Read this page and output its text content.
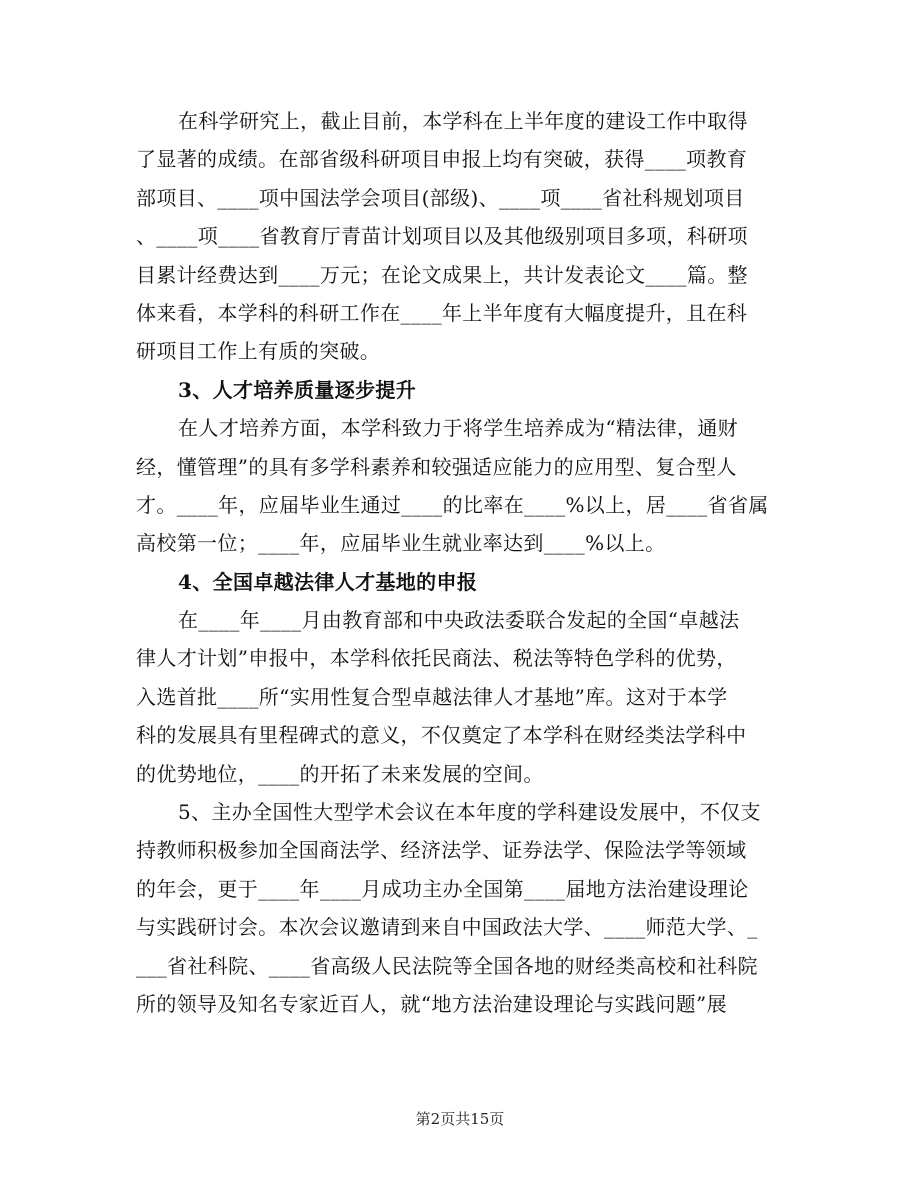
在科学研究上，截止目前，本学科在上半年度的建设工作中取得
了显著的成绩。在部省级科研项目申报上均有突破，获得____项教育
部项目、____项中国法学会项目(部级)、____项____省社科规划项目
、____项____省教育厅青苗计划项目以及其他级别项目多项，科研项
目累计经费达到____万元；在论文成果上，共计发表论文____篇。整
体来看，本学科的科研工作在____年上半年度有大幅度提升，且在科
研项目工作上有质的突破。
3、人才培养质量逐步提升
在人才培养方面，本学科致力于将学生培养成为“精法律，通财
经，懂管理”的具有多学科素养和较强适应能力的应用型、复合型人
才。____年，应届毕业生通过____的比率在____%以上，居____省省属
高校第一位；____年，应届毕业生就业率达到____%以上。
4、全国卓越法律人才基地的申报
在____年____月由教育部和中央政法委联合发起的全国“卓越法
律人才计划”申报中，本学科依托民商法、税法等特色学科的优势，
入选首批____所“实用性复合型卓越法律人才基地”库。这对于本学
科的发展具有里程碑式的意义，不仅奠定了本学科在财经类法学科中
的优势地位，____的开拓了未来发展的空间。
5、主办全国性大型学术会议在本年度的学科建设发展中，不仅支
持教师积极参加全国商法学、经济法学、证券法学、保险法学等领域
的年会，更于____年____月成功主办全国第____届地方法治建设理论
与实践研讨会。本次会议邀请到来自中国政法大学、____师范大学、_
___省社科院、____省高级人民法院等全国各地的财经类高校和社科院
所的领导及知名专家近百人，就“地方法治建设理论与实践问题”展
第2页共15页
